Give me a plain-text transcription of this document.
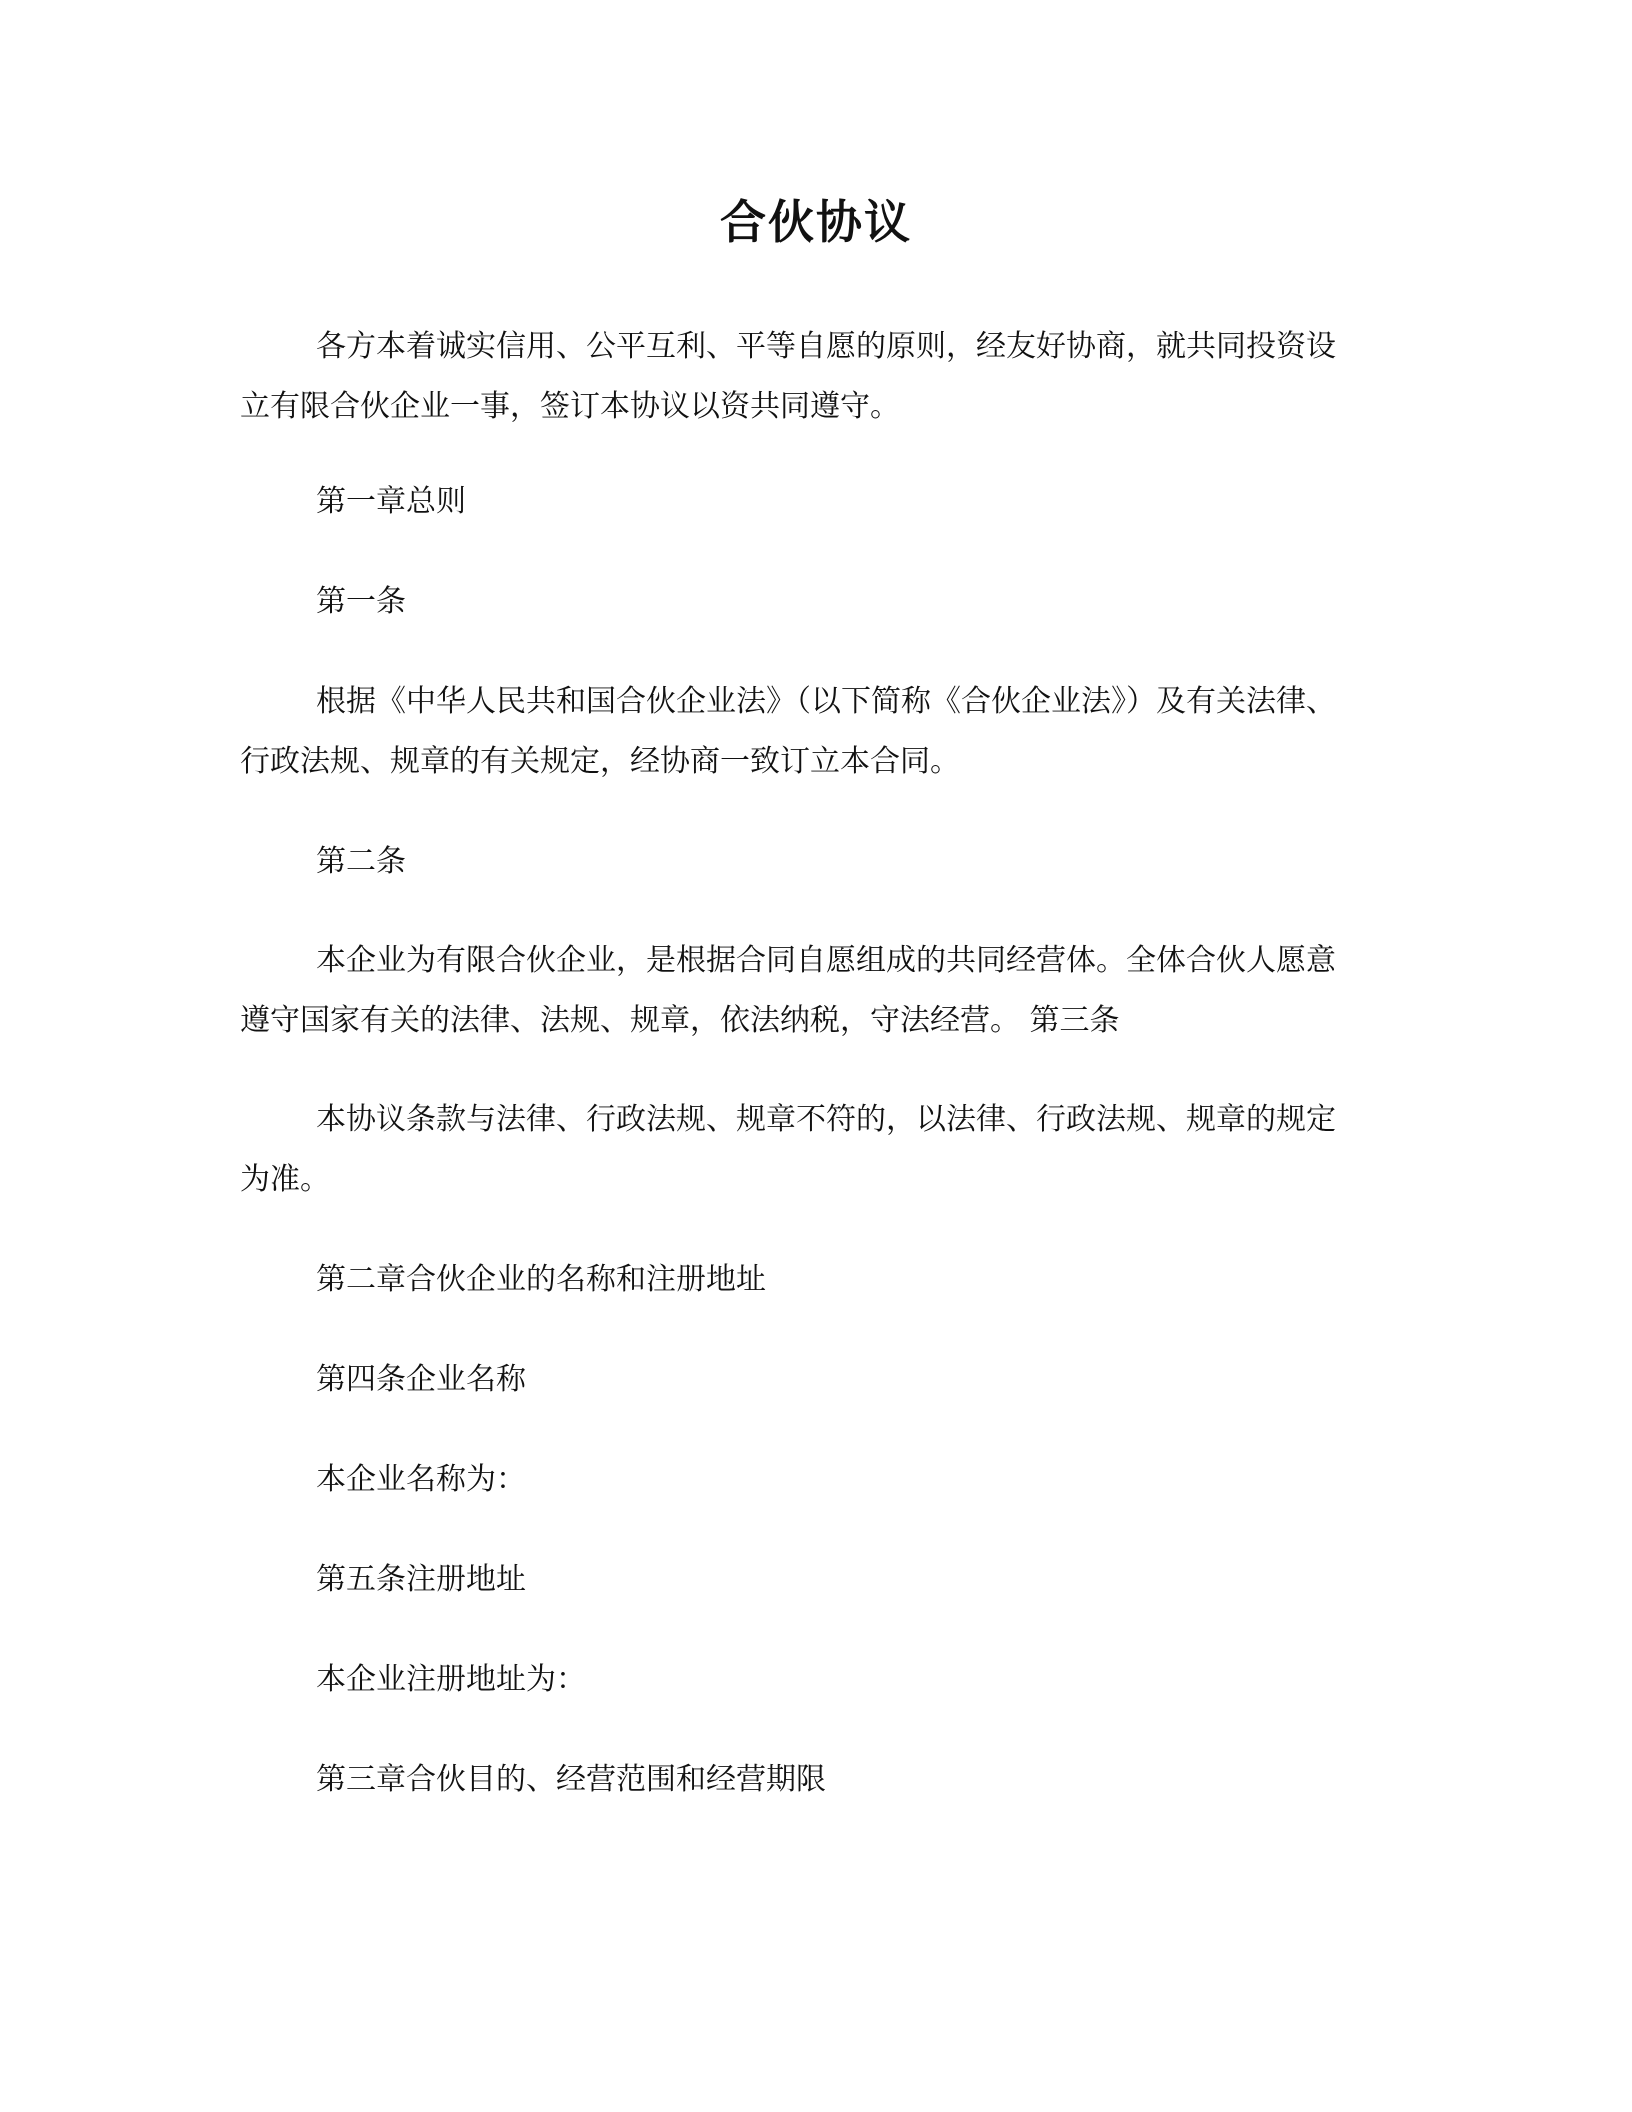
合伙协议

各方本着诚实信用、公平互利、平等自愿的原则，经友好协商，就共同投资设立有限合伙企业一事，签订本协议以资共同遵守。

第一章总则

第一条

根据《中华人民共和国合伙企业法》（以下简称《合伙企业法》）及有关法律、行政法规、规章的有关规定，经协商一致订立本合同。

第二条

本企业为有限合伙企业，是根据合同自愿组成的共同经营体。全体合伙人愿意遵守国家有关的法律、法规、规章，依法纳税，守法经营。 第三条

本协议条款与法律、行政法规、规章不符的，以法律、行政法规、规章的规定为准。

第二章合伙企业的名称和注册地址

第四条企业名称

本企业名称为：

第五条注册地址

本企业注册地址为：

第三章合伙目的、经营范围和经营期限
